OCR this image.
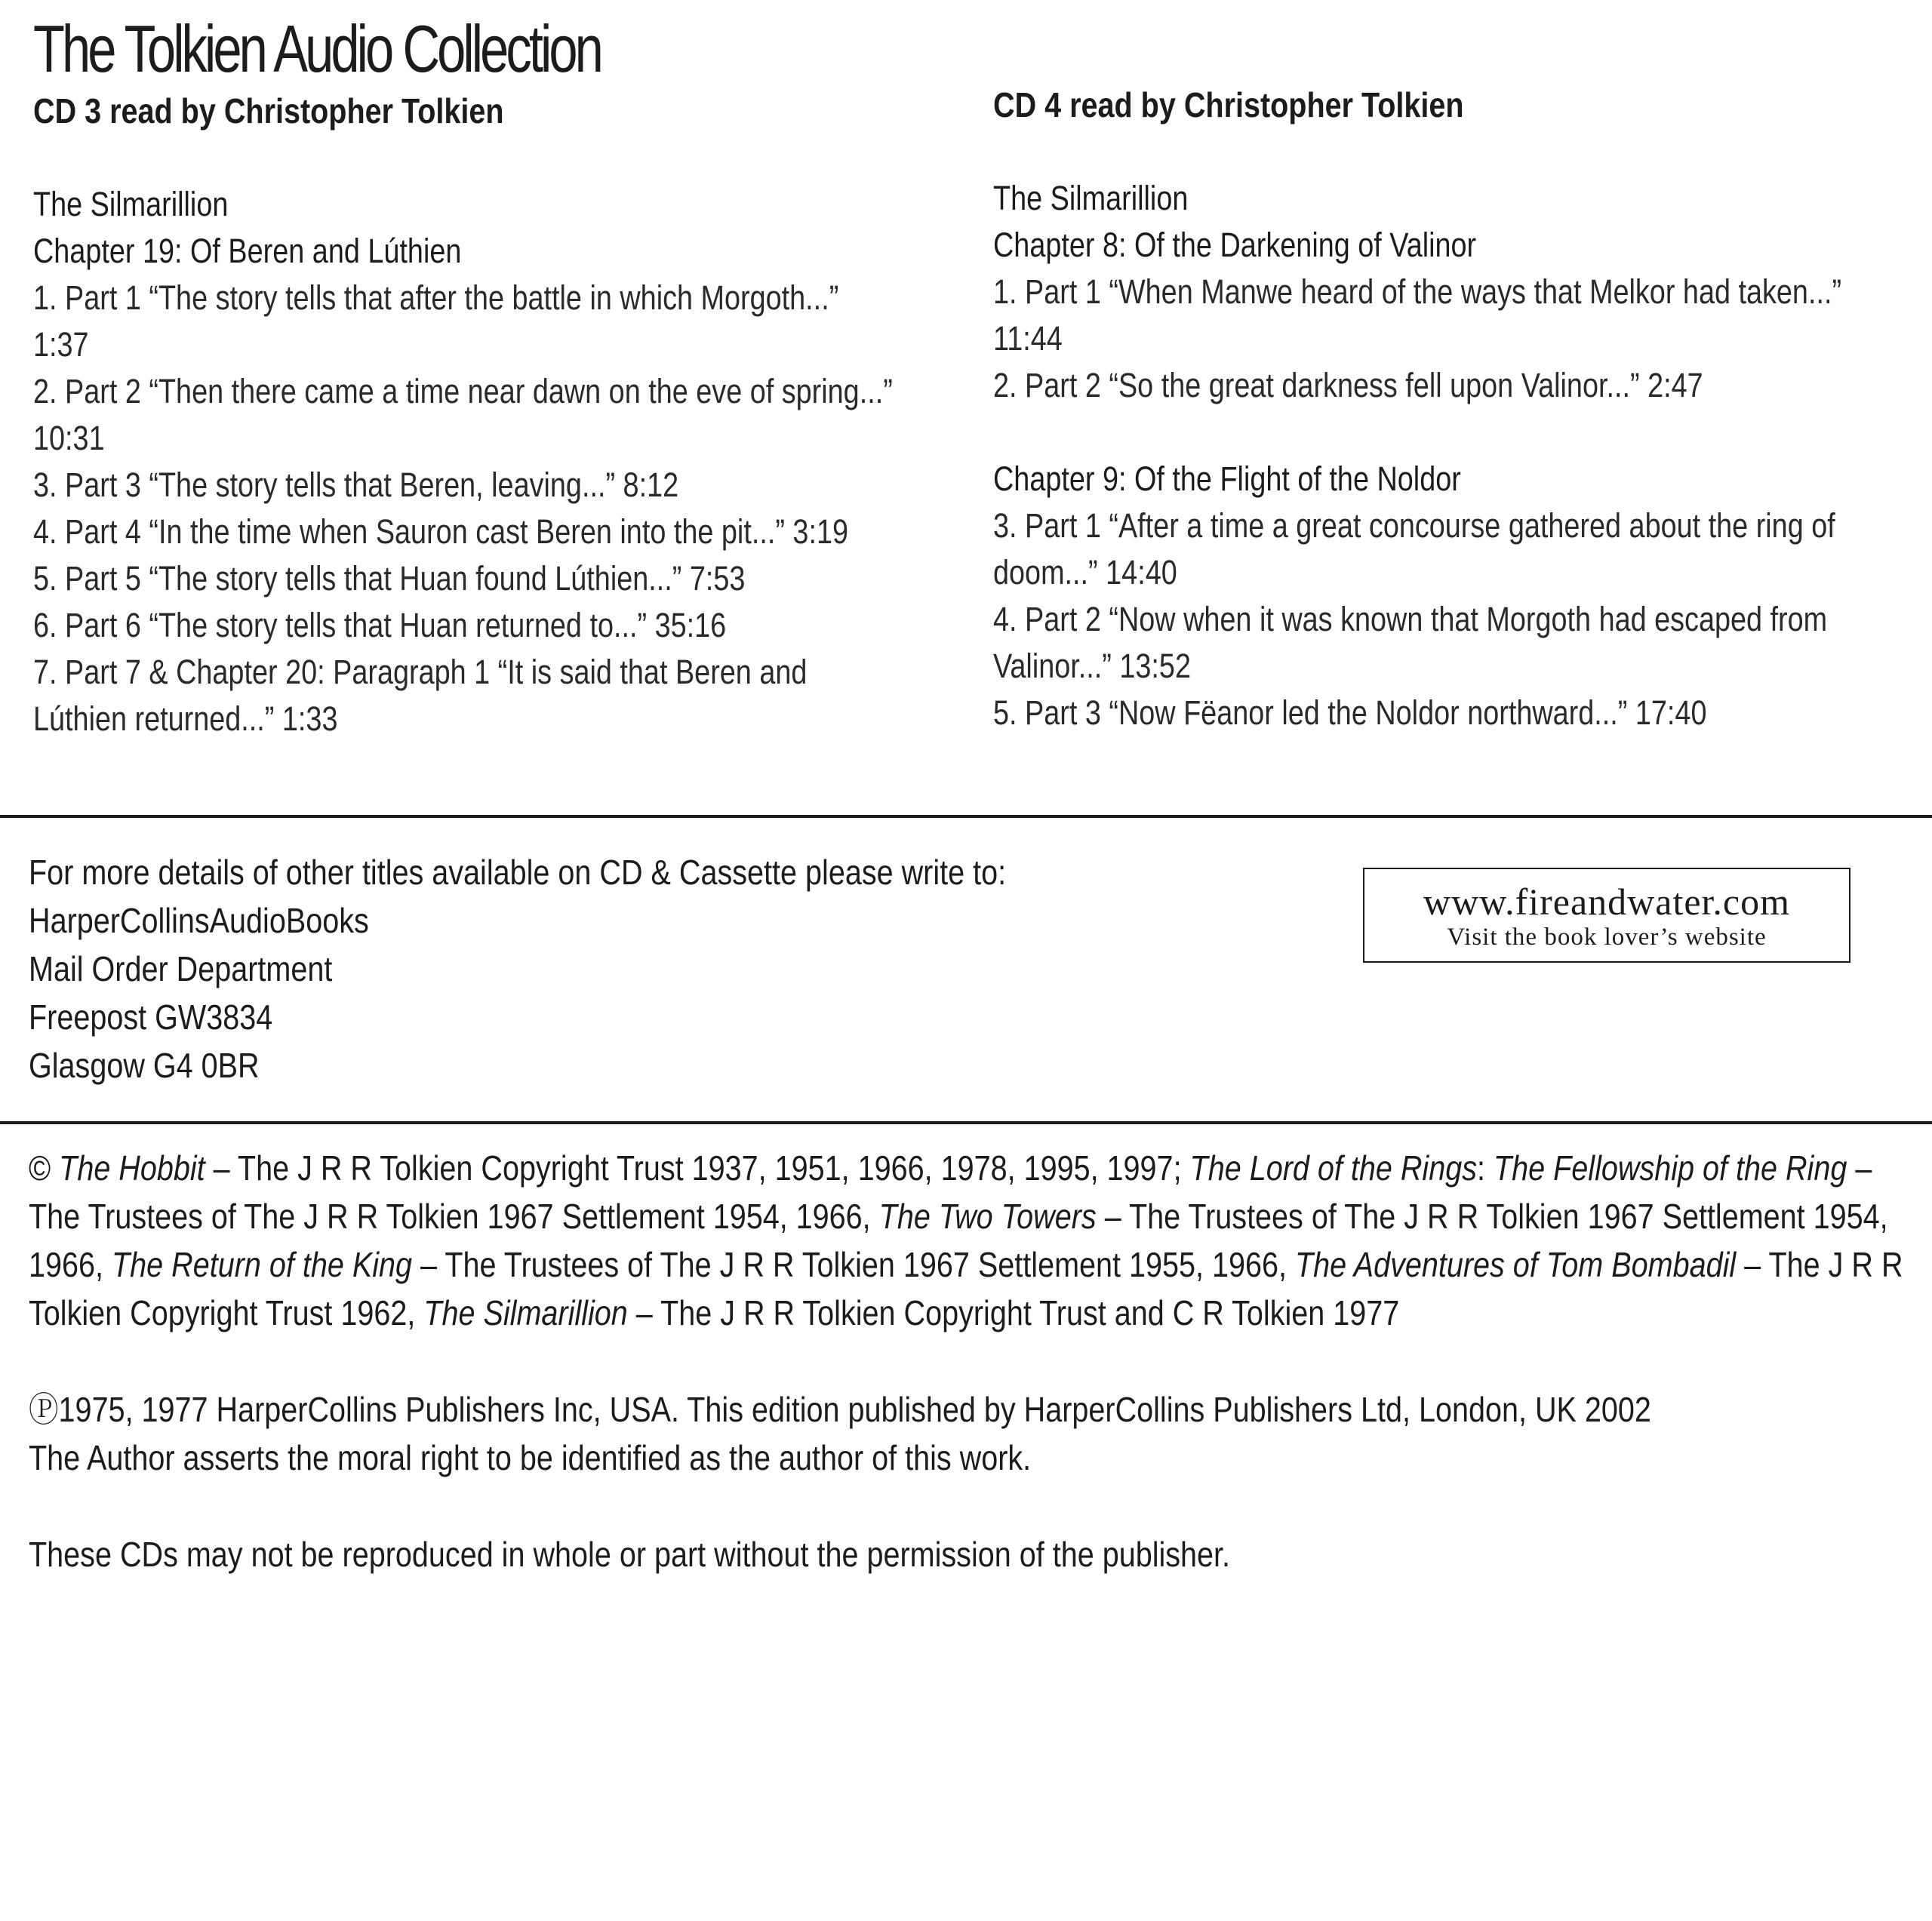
The Tolkien Audio Collection
CD 3 read by Christopher Tolkien	CD 4 read by Christopher Tolkien
The Silmarillion
Chapter 19: Of Beren and Lúthien
1. Part 1 “The story tells that after the battle in which Morgoth...”
1:37
2. Part 2 “Then there came a time near dawn on the eve of spring...”
10:31
3. Part 3 “The story tells that Beren, leaving...” 8:12
4. Part 4 “In the time when Sauron cast Beren into the pit...” 3:19
5. Part 5 “The story tells that Huan found Lúthien...” 7:53
6. Part 6 “The story tells that Huan returned to...” 35:16
7. Part 7 & Chapter 20: Paragraph 1 “It is said that Beren and
Lúthien returned...” 1:33
The Silmarillion
Chapter 8: Of the Darkening of Valinor
1. Part 1 “When Manwe heard of the ways that Melkor had taken...”
11:44
2. Part 2 “So the great darkness fell upon Valinor...” 2:47
Chapter 9: Of the Flight of the Noldor
3. Part 1 “After a time a great concourse gathered about the ring of
doom...” 14:40
4. Part 2 “Now when it was known that Morgoth had escaped from
Valinor...” 13:52
5. Part 3 “Now Fëanor led the Noldor northward...” 17:40
For more details of other titles available on CD & Cassette please write to:
HarperCollinsAudioBooks
Mail Order Department
Freepost GW3834
Glasgow G4 0BR
www.fireandwater.com
Visit the book lover’s website
© The Hobbit – The J R R Tolkien Copyright Trust 1937, 1951, 1966, 1978, 1995, 1997; The Lord of the Rings: The Fellowship of the Ring – The Trustees of The J R R Tolkien 1967 Settlement 1954, 1966, The Two Towers – The Trustees of The J R R Tolkien 1967 Settlement 1954, 1966, The Return of the King – The Trustees of The J R R Tolkien 1967 Settlement 1955, 1966, The Adventures of Tom Bombadil – The J R R Tolkien Copyright Trust 1962, The Silmarillion – The J R R Tolkien Copyright Trust and C R Tolkien 1977
Ⓟ1975, 1977 HarperCollins Publishers Inc, USA. This edition published by HarperCollins Publishers Ltd, London, UK 2002
The Author asserts the moral right to be identified as the author of this work.
These CDs may not be reproduced in whole or part without the permission of the publisher.
